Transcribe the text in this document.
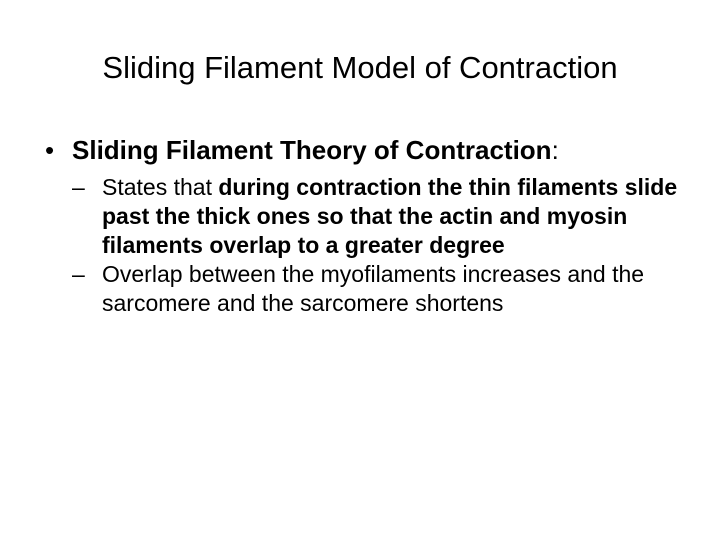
Sliding Filament Model of Contraction
• Sliding Filament Theory of Contraction:
– States that during contraction the thin filaments slide past the thick ones so that the actin and myosin filaments overlap to a greater degree
– Overlap between the myofilaments increases and the sarcomere and the sarcomere shortens
